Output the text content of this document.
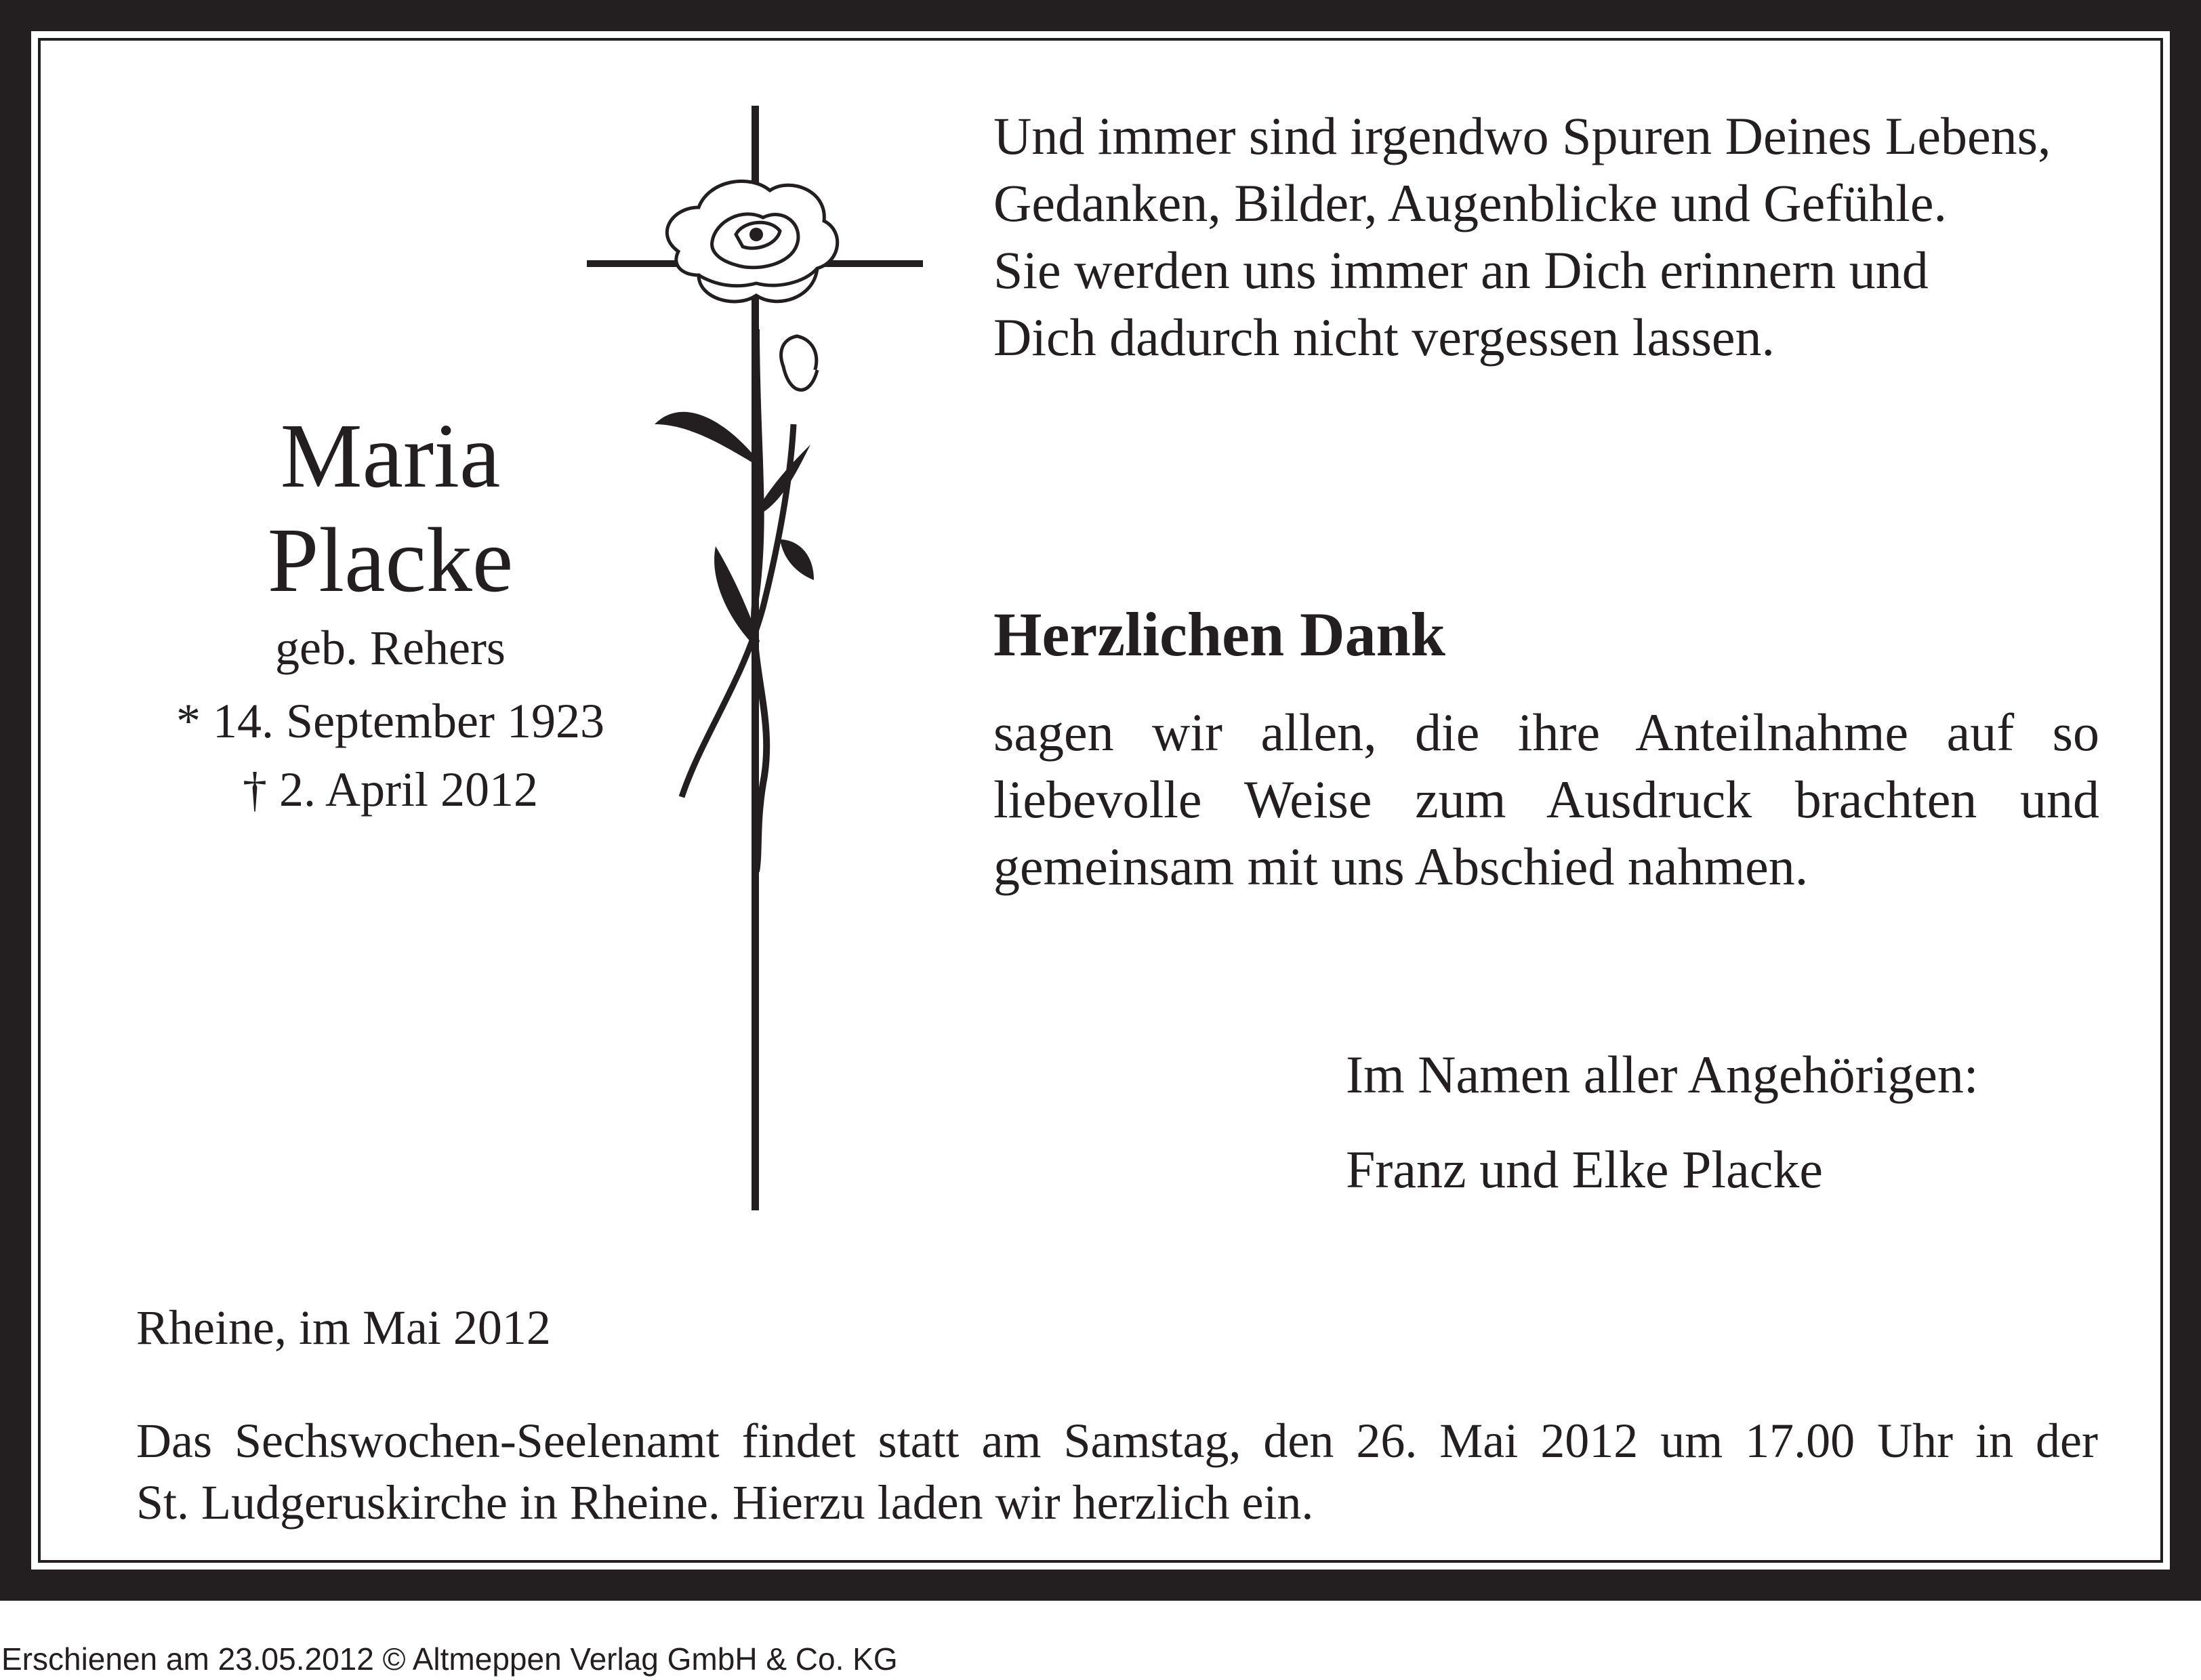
Und immer sind irgendwo Spuren Deines Lebens,
Gedanken, Bilder, Augenblicke und Gefühle.
Sie werden uns immer an Dich erinnern und
Dich dadurch nicht vergessen lassen.
Maria
Placke
geb. Rehers
* 14. September 1923
† 2. April 2012
Herzlichen Dank
sagen wir allen, die ihre Anteilnahme auf so
liebevolle Weise zum Ausdruck brachten und
gemeinsam mit uns Abschied nahmen.
Im Namen aller Angehörigen:
Franz und Elke Placke
Rheine, im Mai 2012
Das Sechswochen-Seelenamt findet statt am Samstag, den 26. Mai 2012 um 17.00 Uhr in der
St. Ludgeruskirche in Rheine. Hierzu laden wir herzlich ein.
Erschienen am 23.05.2012 © Altmeppen Verlag GmbH & Co. KG
